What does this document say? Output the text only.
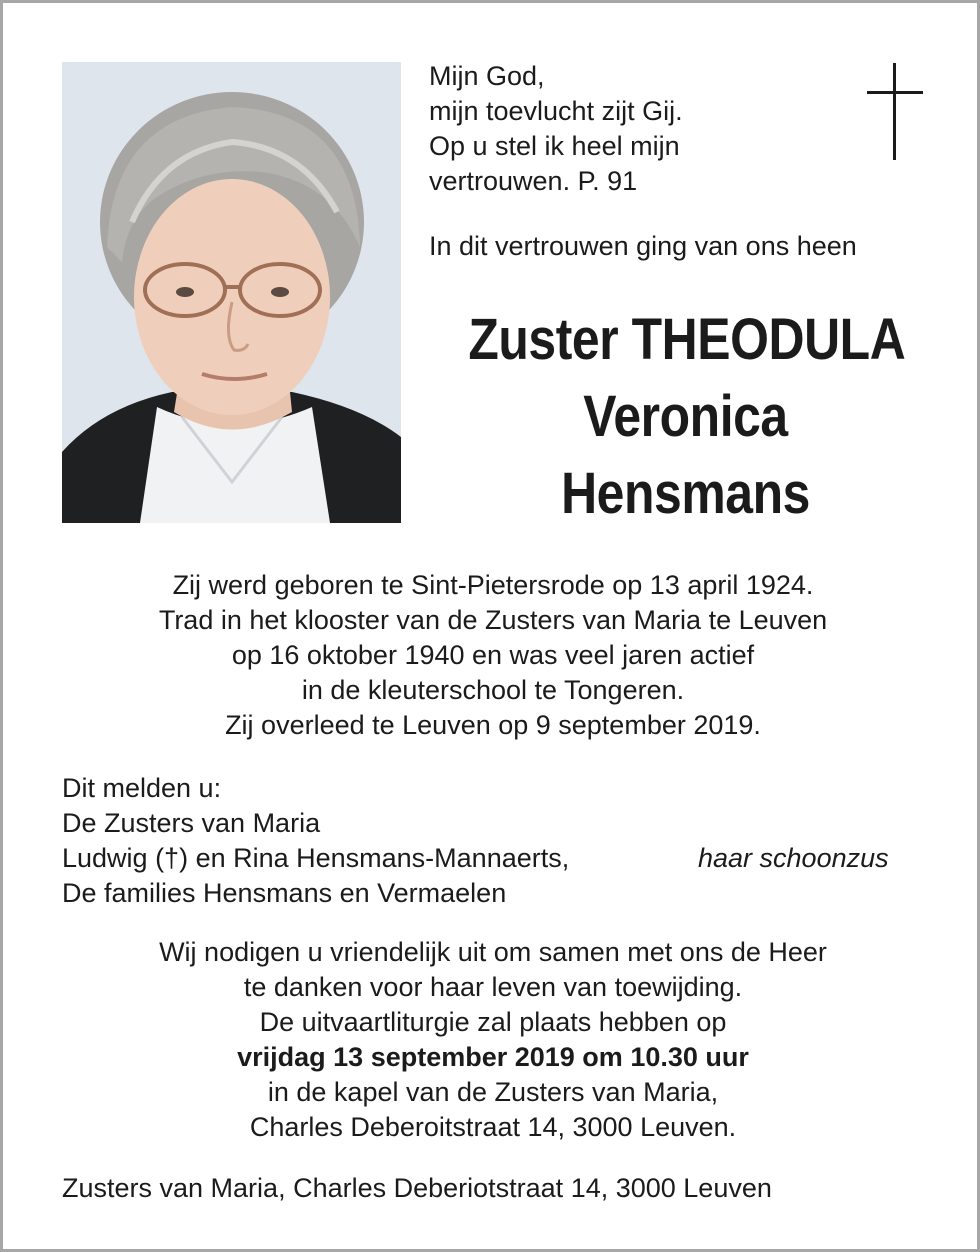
Mijn God,
mijn toevlucht zijt Gij.
Op u stel ik heel mijn
vertrouwen. P. 91
In dit vertrouwen ging van ons heen
Zuster THEODULA
Veronica
Hensmans
Zij werd geboren te Sint-Pietersrode op 13 april 1924.
Trad in het klooster van de Zusters van Maria te Leuven
op 16 oktober 1940 en was veel jaren actief
in de kleuterschool te Tongeren.
Zij overleed te Leuven op 9 september 2019.
Dit melden u:
De Zusters van Maria
Ludwig (†) en Rina Hensmans-Mannaerts,	haar schoonzus
De families Hensmans en Vermaelen
Wij nodigen u vriendelijk uit om samen met ons de Heer
te danken voor haar leven van toewijding.
De uitvaartliturgie zal plaats hebben op
vrijdag 13 september 2019 om 10.30 uur
in de kapel van de Zusters van Maria,
Charles Deberoitstraat 14, 3000 Leuven.
Zusters van Maria, Charles Deberiotstraat 14, 3000 Leuven
